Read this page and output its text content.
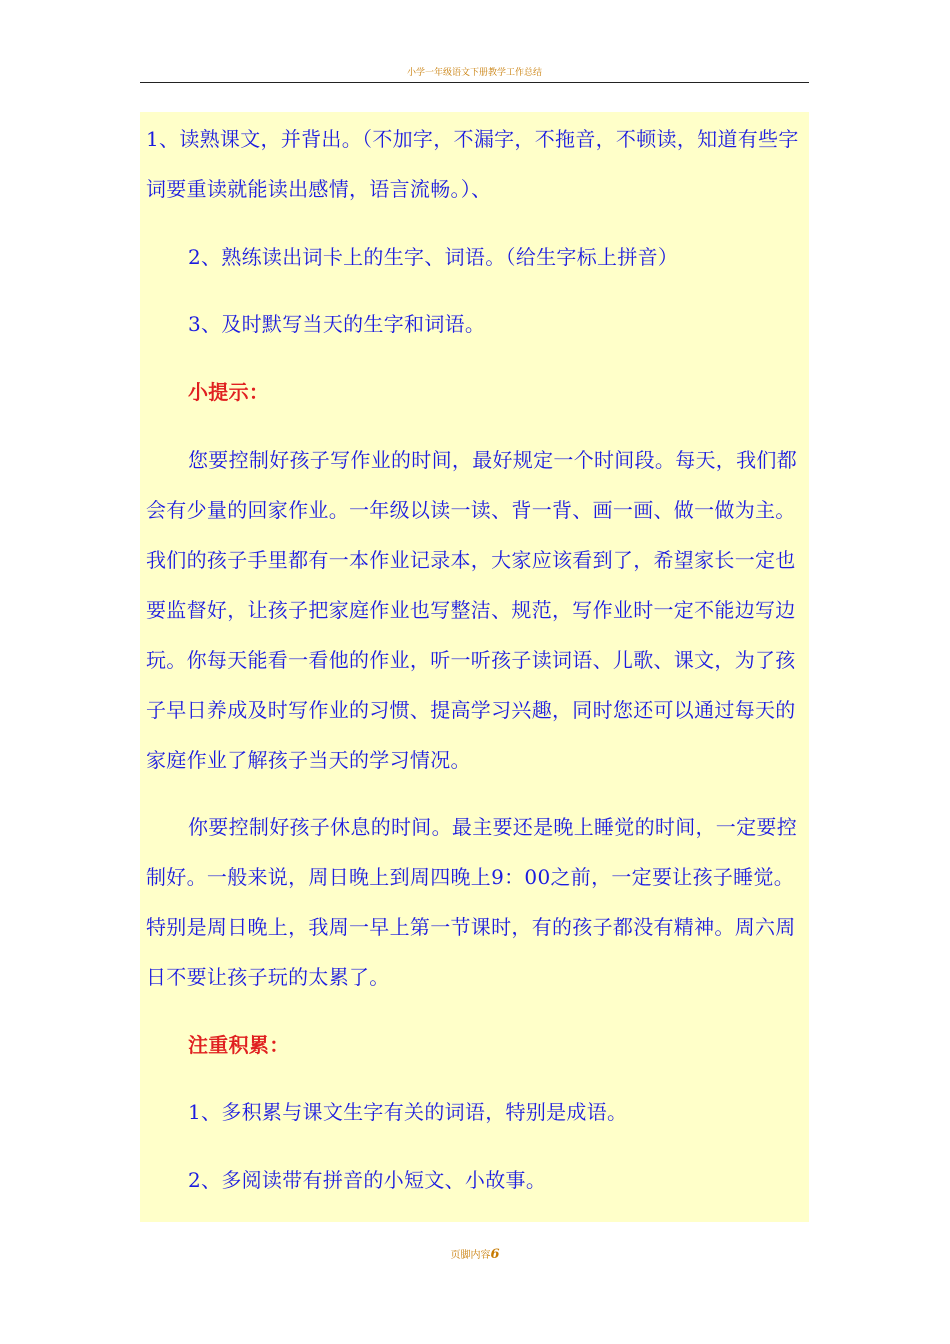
小学一年级语文下册教学工作总结
1、读熟课文，并背出。（不加字，不漏字，不拖音，不顿读，知道有些字词要重读就能读出感情，语言流畅。）、
2、熟练读出词卡上的生字、词语。（给生字标上拼音）
3、及时默写当天的生字和词语。
小提示：
您要控制好孩子写作业的时间，最好规定一个时间段。每天，我们都会有少量的回家作业。一年级以读一读、背一背、画一画、做一做为主。我们的孩子手里都有一本作业记录本，大家应该看到了，希望家长一定也要监督好，让孩子把家庭作业也写整洁、规范，写作业时一定不能边写边玩。你每天能看一看他的作业，听一听孩子读词语、儿歌、课文，为了孩子早日养成及时写作业的习惯、提高学习兴趣，同时您还可以通过每天的家庭作业了解孩子当天的学习情况。
你要控制好孩子休息的时间。最主要还是晚上睡觉的时间，一定要控制好。一般来说，周日晚上到周四晚上9：00之前，一定要让孩子睡觉。特别是周日晚上，我周一早上第一节课时，有的孩子都没有精神。周六周日不要让孩子玩的太累了。
注重积累：
1、多积累与课文生字有关的词语，特别是成语。
2、多阅读带有拼音的小短文、小故事。
页脚内容6
